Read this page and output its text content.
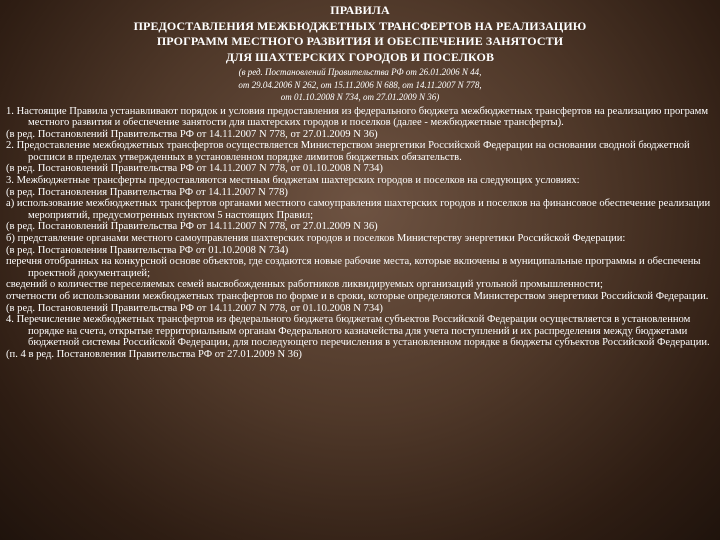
ПРАВИЛА
ПРЕДОСТАВЛЕНИЯ МЕЖБЮДЖЕТНЫХ ТРАНСФЕРТОВ НА РЕАЛИЗАЦИЮ
ПРОГРАММ МЕСТНОГО РАЗВИТИЯ И ОБЕСПЕЧЕНИЕ ЗАНЯТОСТИ
ДЛЯ ШАХТЕРСКИХ ГОРОДОВ И ПОСЕЛКОВ
(в ред. Постановлений Правительства РФ от 26.01.2006 N 44,
от 29.04.2006 N 262, от 15.11.2006 N 688, от 14.11.2007 N 778,
от 01.10.2008 N 734, от 27.01.2009 N 36)
1. Настоящие Правила устанавливают порядок и условия предоставления из федерального бюджета межбюджетных трансфертов на реализацию программ местного развития и обеспечение занятости для шахтерских городов и поселков (далее - межбюджетные трансферты).
(в ред. Постановлений Правительства РФ от 14.11.2007 N 778, от 27.01.2009 N 36)
2. Предоставление межбюджетных трансфертов осуществляется Министерством энергетики Российской Федерации на основании сводной бюджетной росписи в пределах утвержденных в установленном порядке лимитов бюджетных обязательств.
(в ред. Постановлений Правительства РФ от 14.11.2007 N 778, от 01.10.2008 N 734)
3. Межбюджетные трансферты предоставляются местным бюджетам шахтерских городов и поселков на следующих условиях:
(в ред. Постановления Правительства РФ от 14.11.2007 N 778)
а) использование межбюджетных трансфертов органами местного самоуправления шахтерских городов и поселков на финансовое обеспечение реализации мероприятий, предусмотренных пунктом 5 настоящих Правил;
(в ред. Постановлений Правительства РФ от 14.11.2007 N 778, от 27.01.2009 N 36)
б) представление органами местного самоуправления шахтерских городов и поселков Министерству энергетики Российской Федерации:
(в ред. Постановления Правительства РФ от 01.10.2008 N 734)
перечня отобранных на конкурсной основе объектов, где создаются новые рабочие места, которые включены в муниципальные программы и обеспечены проектной документацией;
сведений о количестве переселяемых семей высвобожденных работников ликвидируемых организаций угольной промышленности;
отчетности об использовании межбюджетных трансфертов по форме и в сроки, которые определяются Министерством энергетики Российской Федерации.
(в ред. Постановлений Правительства РФ от 14.11.2007 N 778, от 01.10.2008 N 734)
4. Перечисление межбюджетных трансфертов из федерального бюджета бюджетам субъектов Российской Федерации осуществляется в установленном порядке на счета, открытые территориальным органам Федерального казначейства для учета поступлений и их распределения между бюджетами бюджетной системы Российской Федерации, для последующего перечисления в установленном порядке в бюджеты субъектов Российской Федерации.
(п. 4 в ред. Постановления Правительства РФ от 27.01.2009 N 36)
